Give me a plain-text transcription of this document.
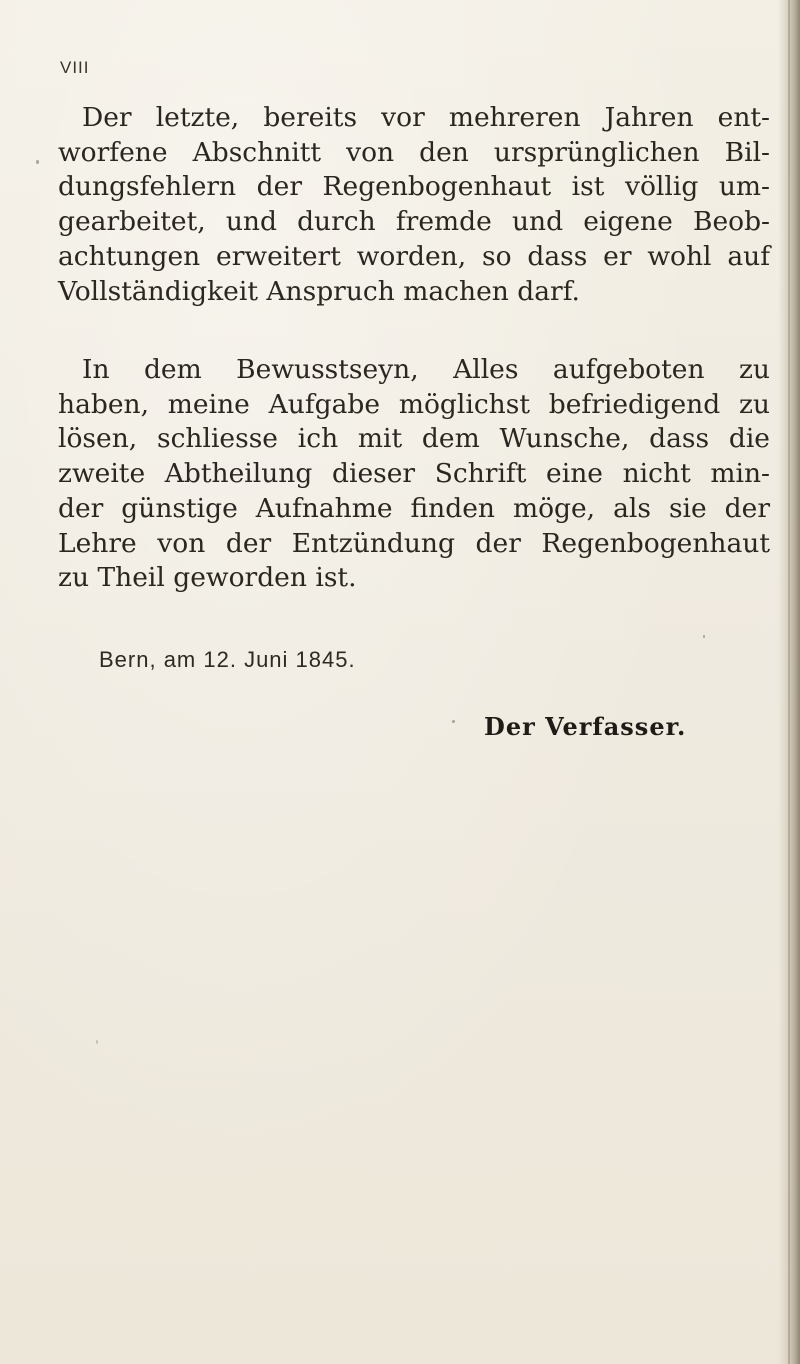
VIII

Der letzte, bereits vor mehreren Jahren ent-
worfene Abschnitt von den ursprünglichen Bil-
dungsfehlern der Regenbogenhaut ist völlig um-
gearbeitet, und durch fremde und eigene Beob-
achtungen erweitert worden, so dass er wohl auf
Vollständigkeit Anspruch machen darf.

In dem Bewusstseyn, Alles aufgeboten zu
haben, meine Aufgabe möglichst befriedigend zu
lösen, schliesse ich mit dem Wunsche, dass die
zweite Abtheilung dieser Schrift eine nicht min-
der günstige Aufnahme finden möge, als sie der
Lehre von der Entzündung der Regenbogenhaut
zu Theil geworden ist.

Bern, am 12. Juni 1845.
Der Verfasser.
